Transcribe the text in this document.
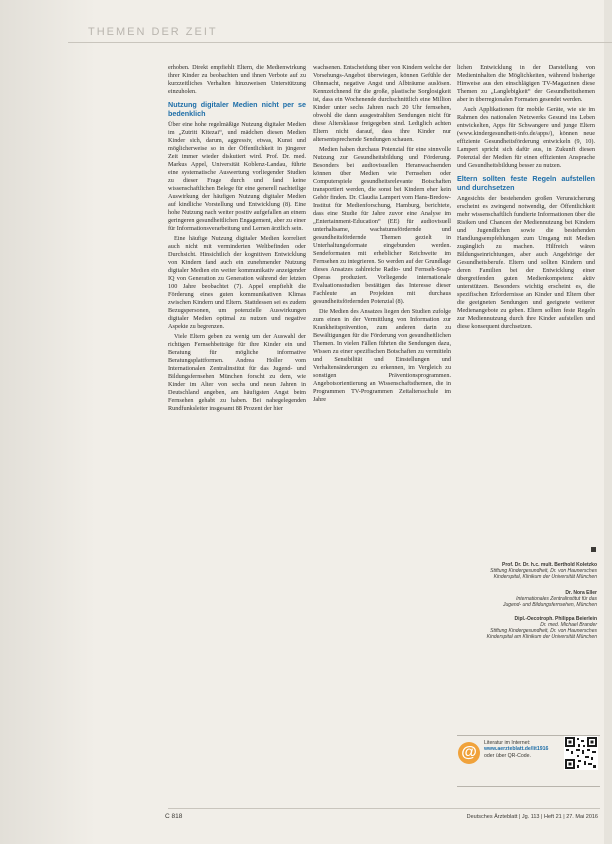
THEMEN DER ZEIT

erhoben. Direkt empfiehlt Eltern, die Medienwirkung ihrer Kinder zu beobachten und ihnen Verbote auf zu kurzzeitliches Verhalten hinzuweisen Unterstützung einzuholen.

Nutzung digitaler Medien nicht per se bedenklich

Über eine hohe regelmäßige Nutzung digitaler Medien im „Zutritt Kitezai“, und mädchen diesen Medien Kinder sich, darum, aggressiv, etwas, Kunst und möglicherweise so in der Öffentlichkeit in jüngerer Zeit immer wieder diskutiert wird. Prof. Dr. med. Markus Appel, Universität Koblenz-Landau, führte eine systematische Auswertung vorliegender Studien zu dieser Frage durch und fand keine wissenschaftlichen Belege für eine generell nachteilige Auswirkung der häufigen Nutzung digitaler Medien auf kindliche Vorstellung und Entwicklung (8). Eine hohe Nutzung nach weiter positiv aufgefallen an einem geringeren gesundheitlichen Engagement, aber zu einer für Informationsverarbeitung und Lernen ärztlich sein.

Eine häufige Nutzung digitaler Medien korreliert auch nicht mit verminderten Weltbefinden oder Durchsicht. Hinsichtlich der kognitiven Entwicklung von Kindern fand auch ein zunehmender Nutzung digitaler Medien ein weiter kommunikativ anzeigender IQ von Generation zu Generation während der letzten 100 Jahre beobachtet (7). Appel empfiehlt die Förderung eines guten kommunikativen Klimas zwischen Kindern und Eltern. Stattdessen sei es zudem Bezugspersonen, um potenzielle Auswirkungen digitaler Medien optimal zu nutzen und negative Aspekte zu begrenzen.

Viele Eltern geben zu wenig um der Auswahl der richtigen Fernsehbeiträge für ihre Kinder ein und Beratung für mögliche informative Beratungsplattformen. Andrea Holler vom Internationalen Zentralinstitut für das Jugend- und Bildungsfernsehen München forscht zu dem, wie Kinder im Alter von sechs und neun Jahren in Deutschland angeben, am häufigsten Angst beim Fernsehen gehabt zu haben. Bei nahegelegenden Rundfunksleiter insgesamt 88 Prozent der hier

wachsenen. Entscheidung über von Kindern welche der Vorsehungs-Angebot überwiegen, können Gefühle der Ohnmacht, negative Angst und Albträume auslösen. Kennzeichnend für die große, plastische Sorglosigkeit ist, dass ein Wochenende durchschnittlich eine Million Kinder unter sechs Jahren nach 20 Uhr fernsehen, obwohl die dann ausgestrahlten Sendungen nicht für diese Altersklasse freigegeben sind. Lediglich achten Eltern nicht darauf, dass ihre Kinder nur altersentsprechende Sendungen schauen.

Medien haben durchaus Potenzial für eine sinnvolle Nutzung zur Gesundheitsbildung und Förderung. Besonders bei audiovisuellen Heranwachsenden können über Medien wie Fernsehen oder Computerspiele gesundheitsrelevante Botschaften transportiert werden, die sonst bei Kindern eher kein Gehör finden. Dr. Claudia Lampert vom Hans-Bredow-Institut für Medienforschung, Hamburg, berichtete, dass eine Studie für Jahre zuvor eine Analyse im „Entertainment-Education“ (EE) für audiovisuell unterhaltsame, wachstumsfördernde und gesundheitsfördernde Themen gezielt in Unterhaltungsformate eingebunden werden. Sendeformaten mit erheblicher Reichweite im Fernsehen zu integrieren. So werden auf der Grundlage dieses Ansatzes zahlreiche Radio- und Fernseh-Soap-Operas produziert. Vorliegende internationale Evaluationsstudien bestätigen das Interesse dieser Fachleute an Projekten mit durchaus gesundheitsfördernden Potenzial (8).

Die Medien des Ansatzes liegen den Studien zufolge zum einen in der Vermittlung von Information zur Krankheitsprävention, zum anderen darin zu Bewältigungen für die Förderung von gesundheitlichen Themen. In vielen Fällen führten die Sendungen dazu, Wissen zu einer spezifischen Botschaften zu vermitteln und Sensibilität und Einstellungen und Verhaltensänderungen zu erkennen, im Vergleich zu sonstigen Präventionsprogrammen. Angebotsorientierung an Wissenschaftsthemen, die in Programmen TV-Programmen Zeitaltersschule im Jahre

lichen Entwicklung in der Darstellung von Medieninhalten die Möglichkeiten, während bisherige Hinweise aus den einschlägigen TV-Magazinen diese Themen zu „Langlebigkeit“ der Gesundheitsthemen aber in überregionalen Formaten gesendet werden.

Auch Applikationen für mobile Geräte, wie sie im Rahmen des nationalen Netzwerks Gesund ins Leben entwickelten, Apps für Schwangere und junge Eltern (www.kindergesundheit-info.de/apps/), können neue effiziente Gesundheitsförderung entwickeln (9, 10). Lampert spricht sich dafür aus, in Zukunft diesen Potenzial der Medien für einen effizienten Ansprache und Gesundheitsbildung besser zu nutzen.

Eltern sollten feste Regeln aufstellen und durchsetzen

Angesichts der bestehenden großen Verunsicherung erscheint es zwingend notwendig, der Öffentlichkeit mehr wissenschaftlich fundierte Informationen über die Risiken und Chancen der Mediennutzung bei Kindern und Jugendlichen sowie die bestehenden Handlungsempfehlungen zum Umgang mit Medien zugänglich zu machen. Hilfreich wären Bildungseinrichtungen, aber auch Angehörige der Gesundheitsberufe. Eltern und sollten Kindern und deren Familien bei der Entwicklung einer übergreifenden guten Medienkompetenz aktiv unterstützen. Besonders wichtig erscheint es, die spezifischen Erfordernisse an Kinder und Eltern über die geeigneten Sendungen und geeignete weiterer Medienangebote zu geben. Eltern sollten feste Regeln zur Mediennutzung durch ihre Kinder aufstellen und diese konsequent durchsetzen.

Prof. Dr. Dr. h.c. mult. Berthold Koletzko
Stiftung Kindergesundheit, Dr. von Haunersches
Kinderspital, Klinikum der Universität München
Dr. Nora Eller
Internationales Zentralinstitut für das
Jugend- und Bildungsfernsehen, München
Dipl.-Oecotroph. Philippa Beierlein
Dr. med. Michael Brander
Stiftung Kindergesundheit, Dr. von Haunersches
Kinderspital am Klinikum der Universität München
@
Literatur im Internet:
www.aerzteblatt.de/lit1916
oder über QR-Code.
C 818	Deutsches Ärzteblatt | Jg. 113 | Heft 21 | 27. Mai 2016
